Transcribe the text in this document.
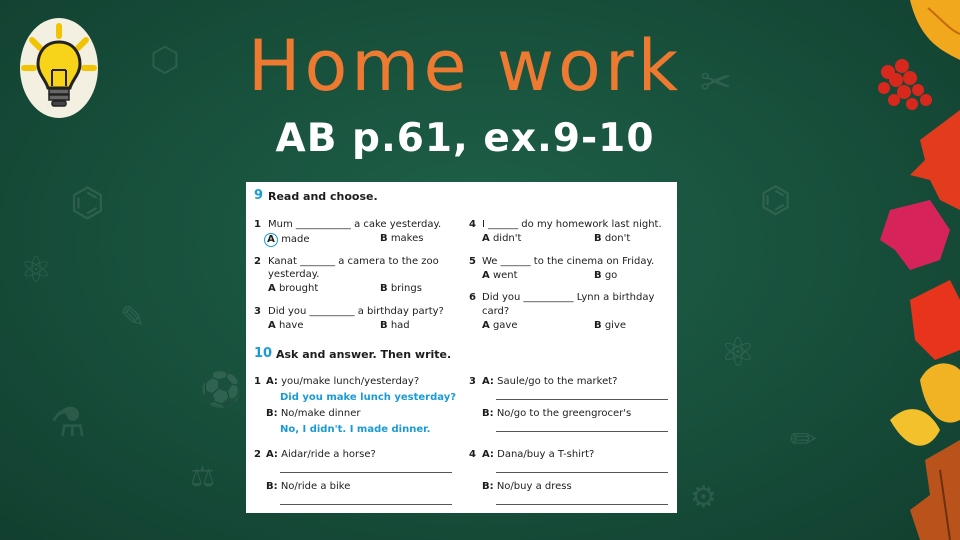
⬡
⌬
⚛
✎
⚗
⚖
✂
⌬
⚛
✏
⚙
⚽
Home work
AB p.61, ex.9-10
9 Read and choose.
1 Mum ___________ a cake yesterday.
A made	B makes
2 Kanat _______ a camera to the zoo
yesterday.
A brought	B brings
3 Did you _________ a birthday party?
A have	B had
4 I ______ do my homework last night.
A didn't	B don't
5 We ______ to the cinema on Friday.
A went	B go
6 Did you __________ Lynn a birthday
card?
A gave	B give
10 Ask and answer. Then write.
1 A: you/make lunch/yesterday?
Did you make lunch yesterday?
B: No/make dinner
No, I didn't. I made dinner.
2 A: Aidar/ride a horse?
B: No/ride a bike
3 A: Saule/go to the market?
B: No/go to the greengrocer's
4 A: Dana/buy a T-shirt?
B: No/buy a dress
